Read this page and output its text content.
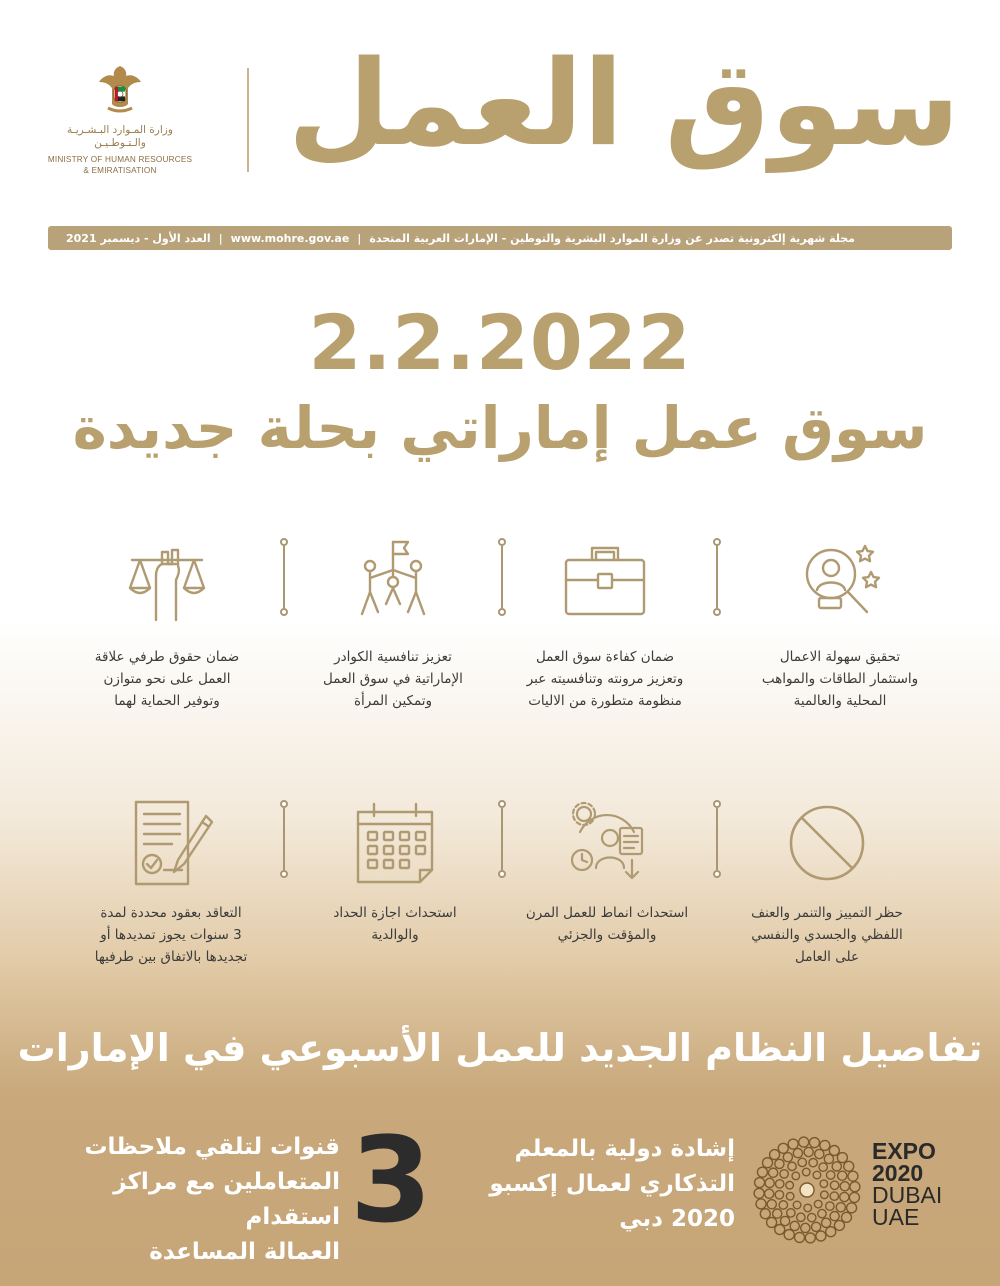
وزارة المـوارد البـشـريـة
والـتـوطـيـن
MINISTRY OF HUMAN RESOURCES
& EMIRATISATION	سوق العمل
مجلة شهرية إلكترونية تصدر عن وزارة الموارد البشرية والتوطين - الإمارات العربية المتحدة
|
www.mohre.gov.ae
|
العدد الأول - ديسمبر 2021
2.2.2022
سوق عمل إماراتي بحلة جديدة
تحقيق سهولة الاعمال
واستثمار الطاقات والمواهب
المحلية والعالمية
ضمان كفاءة سوق العمل
وتعزيز مرونته وتنافسيته عبر
منظومة متطورة من الاليات
تعزيز تنافسية الكوادر
الإماراتية في سوق العمل
وتمكين المرأة
ضمان حقوق طرفي علاقة
العمل على نحو متوازن
وتوفير الحماية لهما
حظر التمييز والتنمر والعنف
اللفظي والجسدي والنفسي
على العامل
استحداث انماط للعمل المرن
والمؤقت والجزئي
استحداث اجازة الحداد
والوالدية
التعاقد بعقود محددة لمدة
3 سنوات يجوز تمديدها أو
تجديدها بالاتفاق بين طرفيها
تفاصيل النظام الجديد للعمل الأسبوعي في الإمارات
قنوات لتلقي ملاحظات
المتعاملين مع مراكز استقدام
العمالة المساعدة
3	إشادة دولية بالمعلم
التذكاري لعمال إكسبو
2020 دبي
EXPO
2020
DUBAI
UAE
